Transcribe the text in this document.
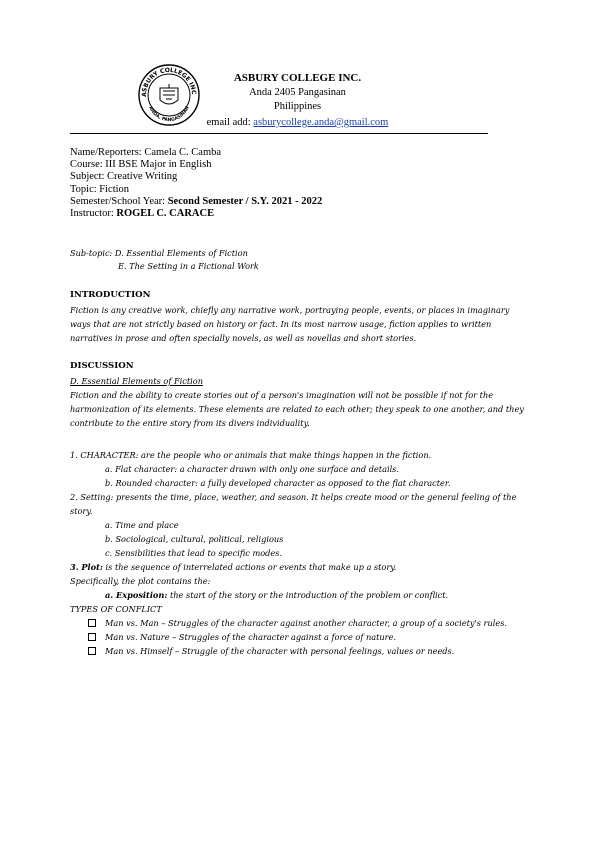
ASBURY COLLEGE INC
ANDA, PANGASINAN
ASBURY COLLEGE INC.
Anda 2405 Pangasinan
Philippines
email add: asburycollege.anda@gmail.com
Name/Reporters: Camela C. Camba
Course: III BSE Major in English
Subject: Creative Writing
Topic: Fiction
Semester/School Year: Second Semester / S.Y. 2021 - 2022
Instructor: ROGEL C. CARACE
Sub-topic: D. Essential Elements of Fiction
E. The Setting in a Fictional Work
INTRODUCTION
Fiction is any creative work, chiefly any narrative work, portraying people, events, or places in imaginary ways that are not strictly based on history or fact. In its most narrow usage, fiction applies to written narratives in prose and often specially novels, as well as novellas and short stories.
DISCUSSION
D. Essential Elements of Fiction
Fiction and the ability to create stories out of a person's imagination will not be possible if not for the harmonization of its elements. These elements are related to each other; they speak to one another, and they contribute to the entire story from its divers individuality.
1. CHARACTER: are the people who or animals that make things happen in the fiction.
a. Flat character: a character drawn with only one surface and details.
b. Rounded character: a fully developed character as opposed to the flat character.
2. Setting: presents the time, place, weather, and season. It helps create mood or the general feeling of the story.
a. Time and place
b. Sociological, cultural, political, religious
c. Sensibilities that lead to specific modes.
3. Plot: is the sequence of interrelated actions or events that make up a story.
Specifically, the plot contains the:
a. Exposition: the start of the story or the introduction of the problem or conflict.
TYPES OF CONFLICT
Man vs. Man – Struggles of the character against another character, a group of a society's rules.
Man vs. Nature – Struggles of the character against a force of nature.
Man vs. Himself – Struggle of the character with personal feelings, values or needs.
